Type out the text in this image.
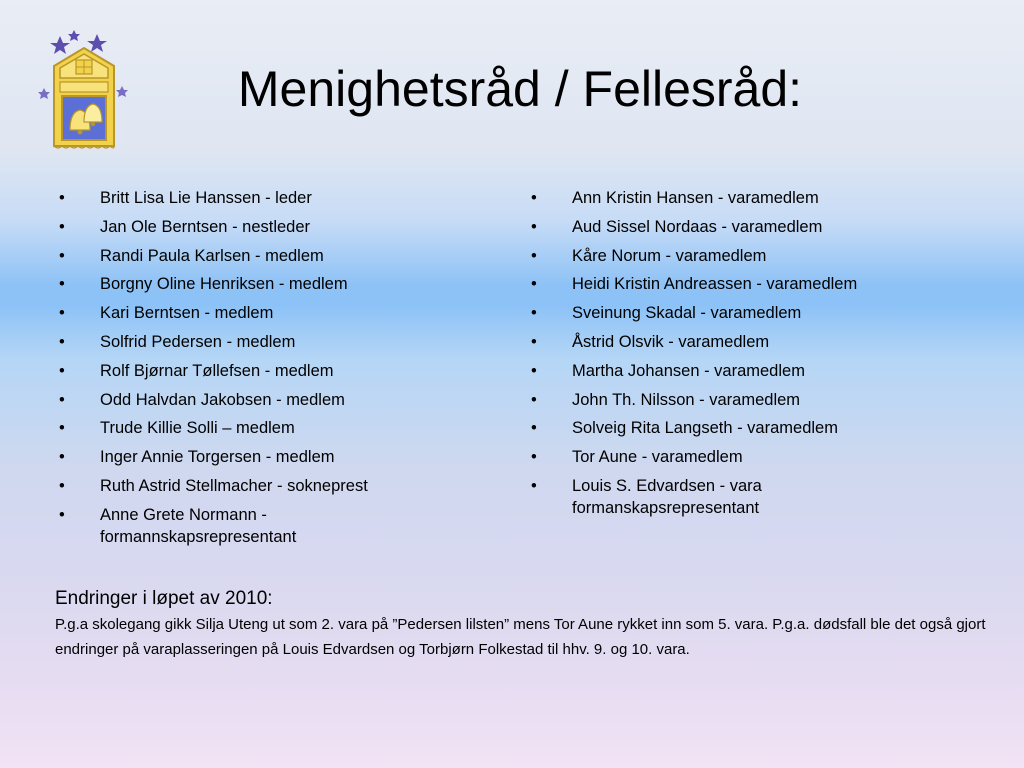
Menighetsråd / Fellesråd:
• Britt Lisa Lie Hanssen - leder
• Jan Ole Berntsen - nestleder
• Randi Paula Karlsen - medlem
• Borgny Oline Henriksen - medlem
• Kari Berntsen - medlem
• Solfrid Pedersen - medlem
• Rolf Bjørnar Tøllefsen - medlem
• Odd Halvdan Jakobsen - medlem
• Trude Killie Solli – medlem
• Inger Annie Torgersen - medlem
• Ruth Astrid Stellmacher - sokneprest
• Anne Grete Normann - formannskapsrepresentant
• Ann Kristin Hansen - varamedlem
• Aud Sissel Nordaas - varamedlem
• Kåre Norum - varamedlem
• Heidi Kristin Andreassen - varamedlem
• Sveinung Skadal - varamedlem
• Åstrid Olsvik - varamedlem
• Martha Johansen - varamedlem
• John Th. Nilsson - varamedlem
• Solveig Rita Langseth - varamedlem
• Tor Aune - varamedlem
• Louis S. Edvardsen - vara formanskapsrepresentant

Endringer i løpet av 2010:

P.g.a skolegang gikk Silja Uteng ut som 2. vara på ”Pedersen lilsten” mens Tor Aune rykket inn som 5. vara. P.g.a. dødsfall ble det også gjort endringer på varaplasseringen på Louis Edvardsen og Torbjørn Folkestad til hhv. 9. og 10. vara.
